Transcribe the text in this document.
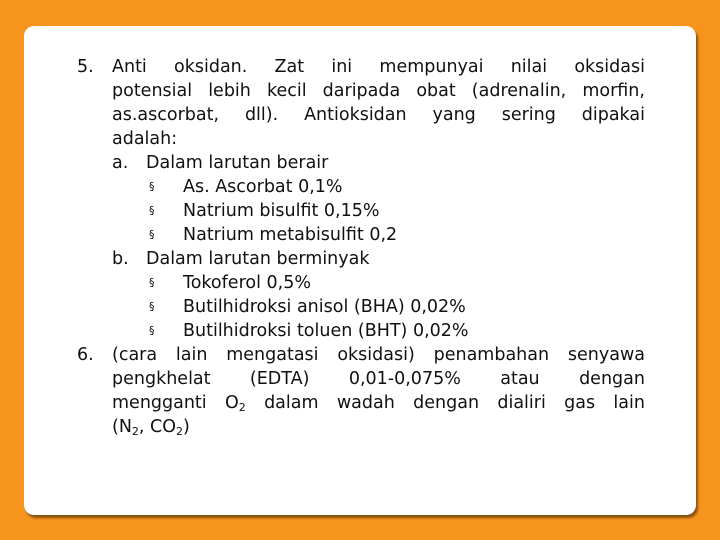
5. Anti oksidan. Zat ini mempunyai nilai oksidasi
potensial lebih kecil daripada obat (adrenalin, morfin,
as.ascorbat, dll). Antioksidan yang sering dipakai
adalah:
a. Dalam larutan berair
§ As. Ascorbat 0,1%
§ Natrium bisulfit 0,15%
§ Natrium metabisulfit 0,2
b. Dalam larutan berminyak
§ Tokoferol 0,5%
§ Butilhidroksi anisol (BHA) 0,02%
§ Butilhidroksi toluen (BHT) 0,02%
6. (cara lain mengatasi oksidasi) penambahan senyawa
pengkhelat (EDTA) 0,01-0,075% atau dengan
mengganti $O_2$ dalam wadah dengan dialiri gas lain
($N_2$, $CO_2$)
